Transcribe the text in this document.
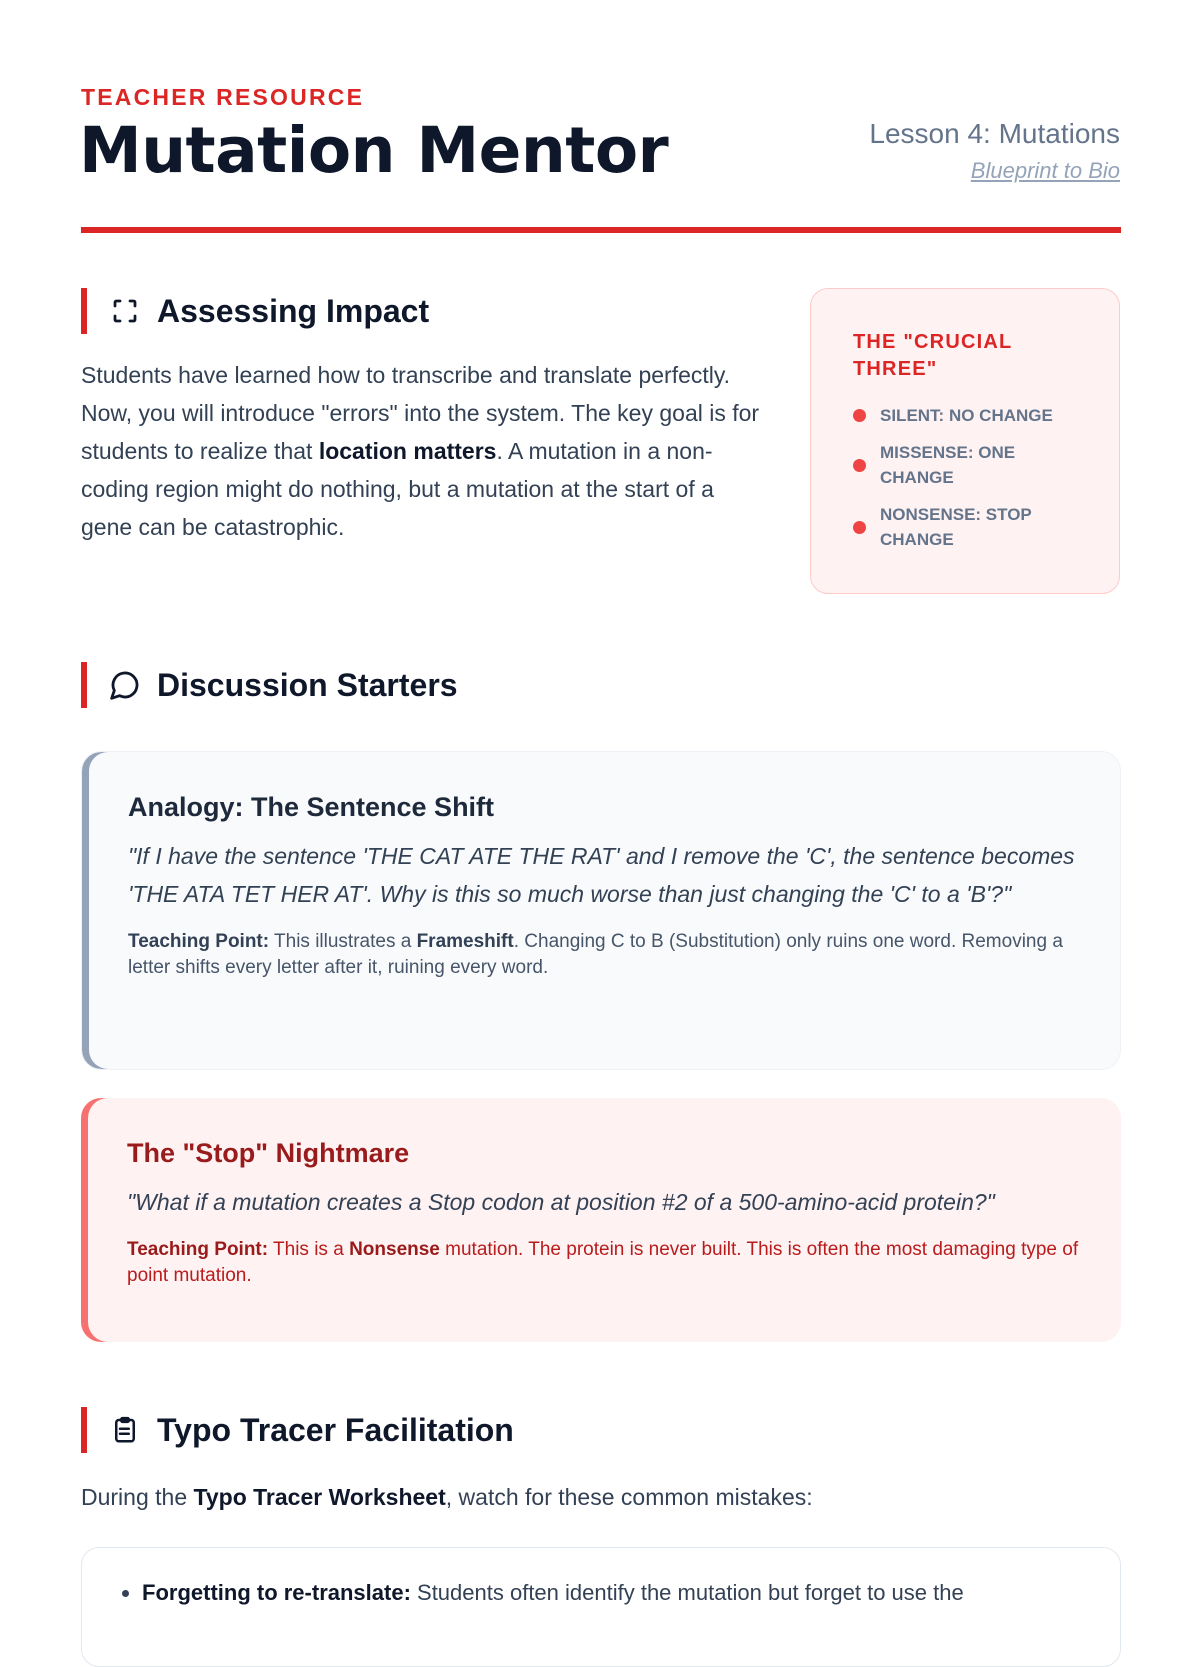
TEACHER RESOURCE
Mutation Mentor	Lesson 4: Mutations
Blueprint to Bio
Assessing Impact
Students have learned how to transcribe and translate perfectly. Now, you will introduce "errors" into the system. The key goal is for students to realize that location matters. A mutation in a non-coding region might do nothing, but a mutation at the start of a gene can be catastrophic.
THE "CRUCIAL THREE"
SILENT: NO CHANGE
MISSENSE: ONE CHANGE
NONSENSE: STOP CHANGE
Discussion Starters
Analogy: The Sentence Shift
"If I have the sentence 'THE CAT ATE THE RAT' and I remove the 'C', the sentence becomes 'THE ATA TET HER AT'. Why is this so much worse than just changing the 'C' to a 'B'?"
Teaching Point: This illustrates a Frameshift. Changing C to B (Substitution) only ruins one word. Removing a letter shifts every letter after it, ruining every word.
The "Stop" Nightmare
"What if a mutation creates a Stop codon at position #2 of a 500-amino-acid protein?"
Teaching Point: This is a Nonsense mutation. The protein is never built. This is often the most damaging type of point mutation.
Typo Tracer Facilitation
During the Typo Tracer Worksheet, watch for these common mistakes:
• Forgetting to re-translate: Students often identify the mutation but forget to use the
